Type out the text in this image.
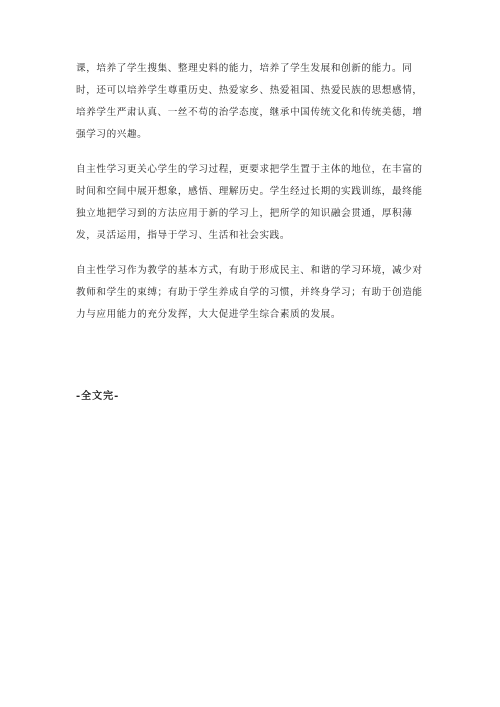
课，培养了学生搜集、整理史料的能力，培养了学生发展和创新的能力。同
时，还可以培养学生尊重历史、热爱家乡、热爱祖国、热爱民族的思想感情，
培养学生严肃认真、一丝不苟的治学态度，继承中国传统文化和传统美德，增
强学习的兴趣。

自主性学习更关心学生的学习过程，更要求把学生置于主体的地位，在丰富的
时间和空间中展开想象，感悟、理解历史。学生经过长期的实践训练，最终能
独立地把学习到的方法应用于新的学习上，把所学的知识融会贯通，厚积薄
发，灵活运用，指导于学习、生活和社会实践。

自主性学习作为教学的基本方式，有助于形成民主、和谐的学习环境，减少对
教师和学生的束缚；有助于学生养成自学的习惯，并终身学习；有助于创造能
力与应用能力的充分发挥，大大促进学生综合素质的发展。

-全文完-
